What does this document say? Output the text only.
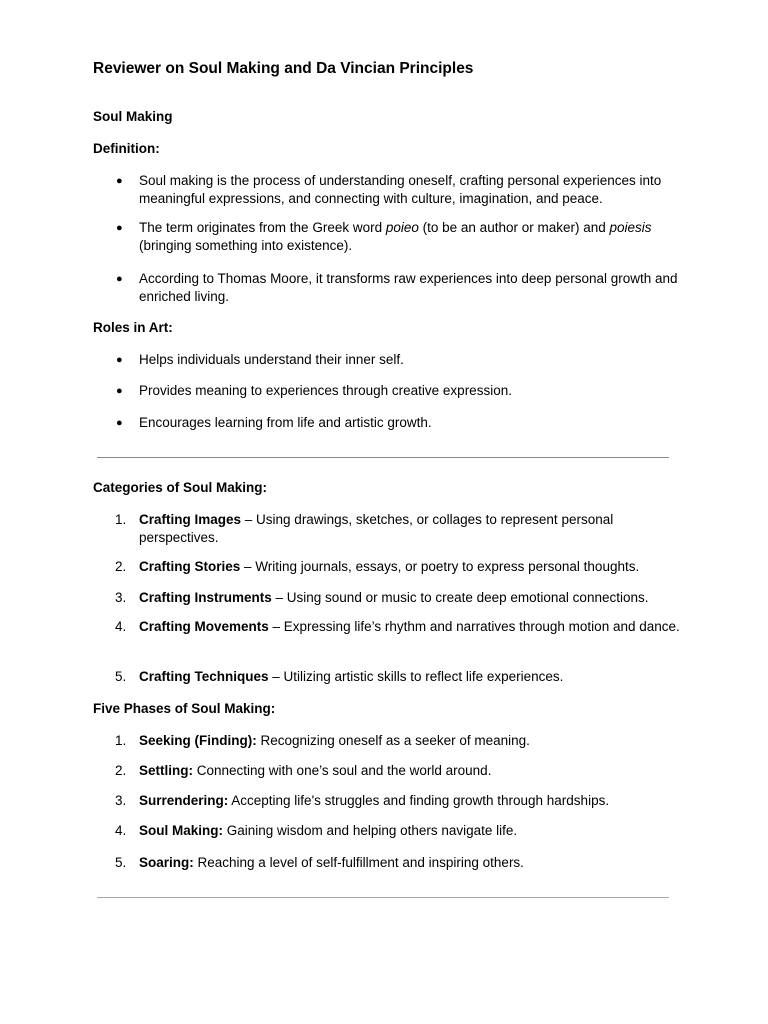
Reviewer on Soul Making and Da Vincian Principles
Soul Making
Definition:
●	Soul making is the process of understanding oneself, crafting personal experiences into meaningful expressions, and connecting with culture, imagination, and peace.
●	The term originates from the Greek word poieo (to be an author or maker) and poiesis (bringing something into existence).
●	According to Thomas Moore, it transforms raw experiences into deep personal growth and enriched living.
Roles in Art:
●	Helps individuals understand their inner self.
●	Provides meaning to experiences through creative expression.
●	Encourages learning from life and artistic growth.
Categories of Soul Making:
1. Crafting Images – Using drawings, sketches, or collages to represent personal perspectives.
2. Crafting Stories – Writing journals, essays, or poetry to express personal thoughts.
3. Crafting Instruments – Using sound or music to create deep emotional connections.
4. Crafting Movements – Expressing life’s rhythm and narratives through motion and dance.
5. Crafting Techniques – Utilizing artistic skills to reflect life experiences.
Five Phases of Soul Making:
1. Seeking (Finding): Recognizing oneself as a seeker of meaning.
2. Settling: Connecting with one’s soul and the world around.
3. Surrendering: Accepting life's struggles and finding growth through hardships.
4. Soul Making: Gaining wisdom and helping others navigate life.
5. Soaring: Reaching a level of self-fulfillment and inspiring others.
